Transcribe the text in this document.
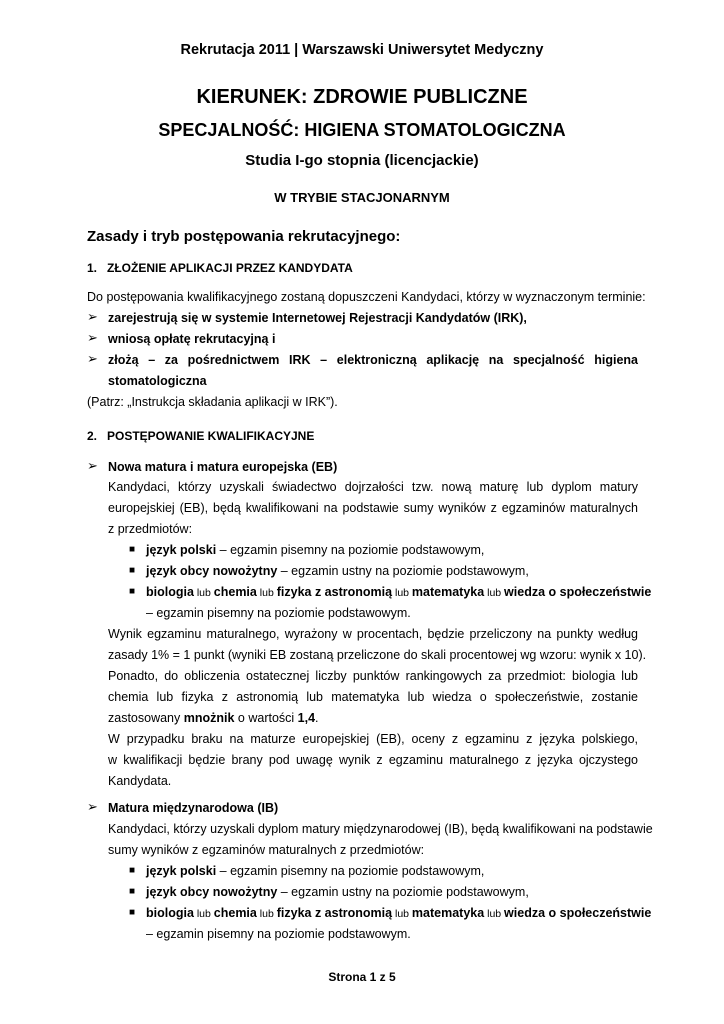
Rekrutacja 2011 | Warszawski Uniwersytet Medyczny
KIERUNEK: ZDROWIE PUBLICZNE
SPECJALNOŚĆ: HIGIENA STOMATOLOGICZNA
Studia I-go stopnia (licencjackie)
W TRYBIE STACJONARNYM
Zasady i tryb postępowania rekrutacyjnego:
1. ZŁOŻENIE APLIKACJI PRZEZ KANDYDATA
Do postępowania kwalifikacyjnego zostaną dopuszczeni Kandydaci, którzy w wyznaczonym terminie:
➢ zarejestrują się w systemie Internetowej Rejestracji Kandydatów (IRK),
➢ wniosą opłatę rekrutacyjną i
➢ złożą – za pośrednictwem IRK – elektroniczną aplikację na specjalność higiena
stomatologiczna
(Patrz: „Instrukcja składania aplikacji w IRK”).
2. POSTĘPOWANIE KWALIFIKACYJNE
➢ Nowa matura i matura europejska (EB)
Kandydaci, którzy uzyskali świadectwo dojrzałości tzw. nową maturę lub dyplom matury
europejskiej (EB), będą kwalifikowani na podstawie sumy wyników z egzaminów maturalnych
z przedmiotów:
■ język polski – egzamin pisemny na poziomie podstawowym,
■ język obcy nowożytny – egzamin ustny na poziomie podstawowym,
■ biologia lub chemia lub fizyka z astronomią lub matematyka lub wiedza o społeczeństwie
– egzamin pisemny na poziomie podstawowym.
Wynik egzaminu maturalnego, wyrażony w procentach, będzie przeliczony na punkty według
zasady 1% = 1 punkt (wyniki EB zostaną przeliczone do skali procentowej wg wzoru: wynik x 10).
Ponadto, do obliczenia ostatecznej liczby punktów rankingowych za przedmiot: biologia lub
chemia lub fizyka z astronomią lub matematyka lub wiedza o społeczeństwie, zostanie
zastosowany mnożnik o wartości 1,4.
W przypadku braku na maturze europejskiej (EB), oceny z egzaminu z języka polskiego,
w kwalifikacji będzie brany pod uwagę wynik z egzaminu maturalnego z języka ojczystego
Kandydata.
➢ Matura międzynarodowa (IB)
Kandydaci, którzy uzyskali dyplom matury międzynarodowej (IB), będą kwalifikowani na podstawie
sumy wyników z egzaminów maturalnych z przedmiotów:
■ język polski – egzamin pisemny na poziomie podstawowym,
■ język obcy nowożytny – egzamin ustny na poziomie podstawowym,
■ biologia lub chemia lub fizyka z astronomią lub matematyka lub wiedza o społeczeństwie
– egzamin pisemny na poziomie podstawowym.
Strona 1 z 5
